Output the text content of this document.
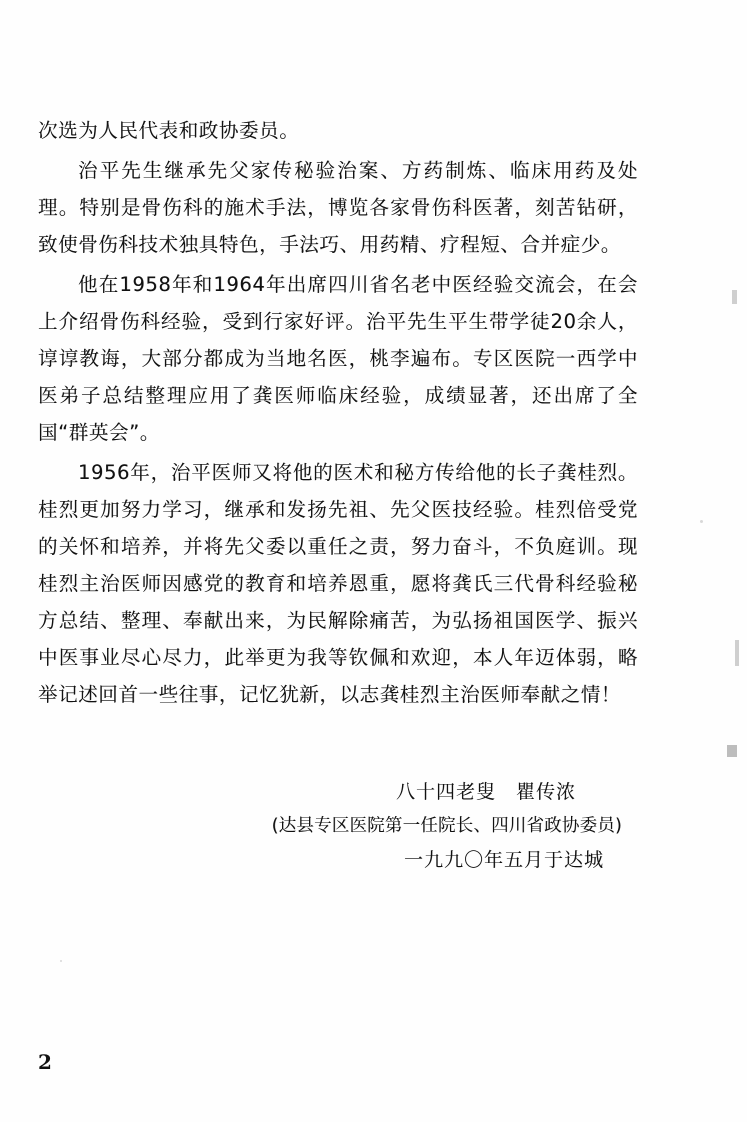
次选为人民代表和政协委员。

治平先生继承先父家传秘验治案、方药制炼、临床用药及处理。特别是骨伤科的施术手法，博览各家骨伤科医著，刻苦钻研，致使骨伤科技术独具特色，手法巧、用药精、疗程短、合并症少。

他在1958年和1964年出席四川省名老中医经验交流会，在会上介绍骨伤科经验，受到行家好评。治平先生平生带学徒20余人，谆谆教诲，大部分都成为当地名医，桃李遍布。专区医院一西学中医弟子总结整理应用了龚医师临床经验，成绩显著，还出席了全国“群英会”。

1956年，治平医师又将他的医术和秘方传给他的长子龚桂烈。桂烈更加努力学习，继承和发扬先祖、先父医技经验。桂烈倍受党的关怀和培养，并将先父委以重任之责，努力奋斗，不负庭训。现桂烈主治医师因感党的教育和培养恩重，愿将龚氏三代骨科经验秘方总结、整理、奉献出来，为民解除痛苦，为弘扬祖国医学、振兴中医事业尽心尽力，此举更为我等钦佩和欢迎，本人年迈体弱，略举记述回首一些往事，记忆犹新，以志龚桂烈主治医师奉献之情！

八十四老叟　瞿传浓
(达县专区医院第一任院长、四川省政协委员)
一九九〇年五月于达城
2
